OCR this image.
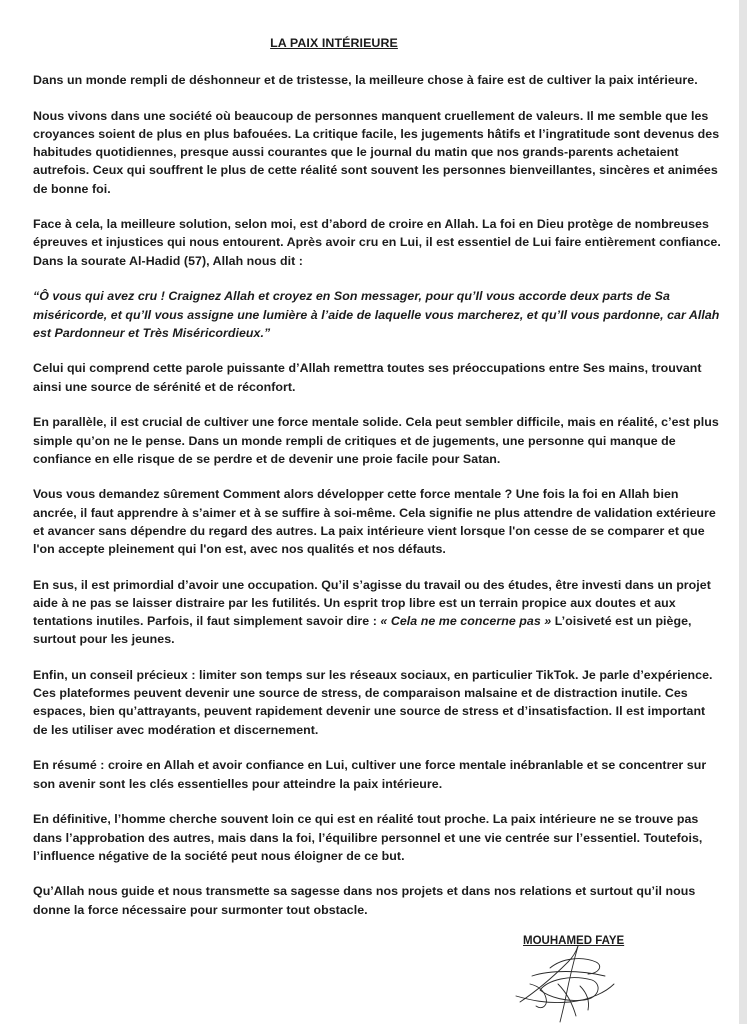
LA PAIX INTÉRIEURE

Dans un monde rempli de déshonneur et de tristesse, la meilleure chose à faire est de cultiver la paix intérieure.

Nous vivons dans une société où beaucoup de personnes manquent cruellement de valeurs. Il me semble que les croyances soient de plus en plus bafouées. La critique facile, les jugements hâtifs et l’ingratitude sont devenus des habitudes quotidiennes, presque aussi courantes que le journal du matin que nos grands-parents achetaient autrefois. Ceux qui souffrent le plus de cette réalité sont souvent les personnes bienveillantes, sincères et animées de bonne foi.

Face à cela, la meilleure solution, selon moi, est d’abord de croire en Allah. La foi en Dieu protège de nombreuses épreuves et injustices qui nous entourent. Après avoir cru en Lui, il est essentiel de Lui faire entièrement confiance. Dans la sourate Al-Hadid (57), Allah nous dit :

“Ô vous qui avez cru ! Craignez Allah et croyez en Son messager, pour qu’Il vous accorde deux parts de Sa miséricorde, et qu’Il vous assigne une lumière à l’aide de laquelle vous marcherez, et qu’Il vous pardonne, car Allah est Pardonneur et Très Miséricordieux.”

Celui qui comprend cette parole puissante d’Allah remettra toutes ses préoccupations entre Ses mains, trouvant ainsi une source de sérénité et de réconfort.

En parallèle, il est crucial de cultiver une force mentale solide. Cela peut sembler difficile, mais en réalité, c’est plus simple qu’on ne le pense. Dans un monde rempli de critiques et de jugements, une personne qui manque de confiance en elle risque de se perdre et de devenir une proie facile pour Satan.

Vous vous demandez sûrement Comment alors développer cette force mentale ? Une fois la foi en Allah bien ancrée, il faut apprendre à s’aimer et à se suffire à soi-même. Cela signifie ne plus attendre de validation extérieure et avancer sans dépendre du regard des autres. La paix intérieure vient lorsque l'on cesse de se comparer et que l'on accepte pleinement qui l'on est, avec nos qualités et nos défauts.

En sus, il est primordial d’avoir une occupation. Qu’il s’agisse du travail ou des études, être investi dans un projet aide à ne pas se laisser distraire par les futilités. Un esprit trop libre est un terrain propice aux doutes et aux tentations inutiles. Parfois, il faut simplement savoir dire : « Cela ne me concerne pas » L’oisiveté est un piège, surtout pour les jeunes.

Enfin, un conseil précieux : limiter son temps sur les réseaux sociaux, en particulier TikTok. Je parle d’expérience. Ces plateformes peuvent devenir une source de stress, de comparaison malsaine et de distraction inutile. Ces espaces, bien qu’attrayants, peuvent rapidement devenir une source de stress et d’insatisfaction. Il est important de les utiliser avec modération et discernement.

En résumé : croire en Allah et avoir confiance en Lui, cultiver une force mentale inébranlable et se concentrer sur son avenir sont les clés essentielles pour atteindre la paix intérieure.

En définitive, l’homme cherche souvent loin ce qui est en réalité tout proche. La paix intérieure ne se trouve pas dans l’approbation des autres, mais dans la foi, l’équilibre personnel et une vie centrée sur l’essentiel. Toutefois, l’influence négative de la société peut nous éloigner de ce but.

Qu’Allah nous guide et nous transmette sa sagesse dans nos projets et dans nos relations et surtout qu’il nous donne la force nécessaire pour surmonter tout obstacle.

MOUHAMED FAYE
